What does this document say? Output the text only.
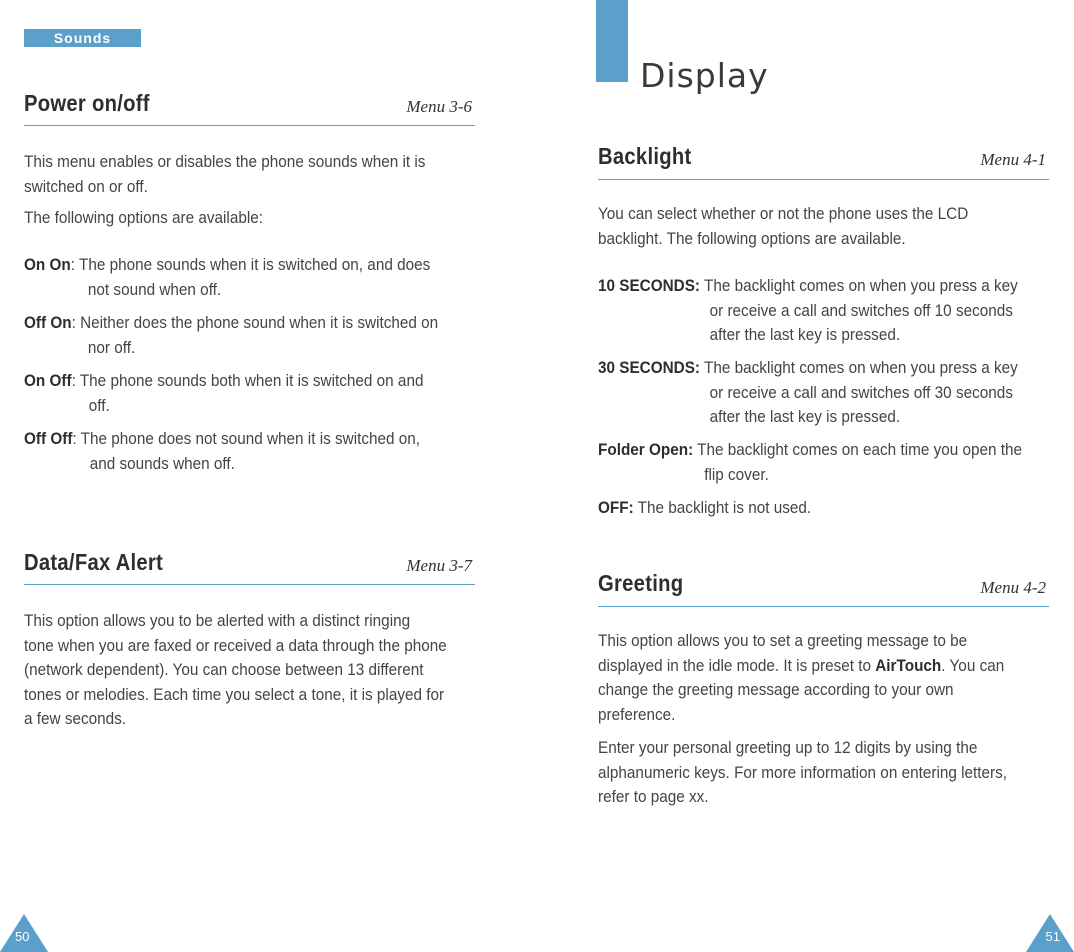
Sounds
Power on/off	Menu 3-6
This menu enables or disables the phone sounds when it is
switched on or off.
The following options are available:
On On: The phone sounds when it is switched on, and does
not sound when off.
Off On: Neither does the phone sound when it is switched on
nor off.
On Off: The phone sounds both when it is switched on and
off.
Off Off: The phone does not sound when it is switched on,
and sounds when off.
Data/Fax Alert	Menu 3-7
This option allows you to be alerted with a distinct ringing
tone when you are faxed or received a data through the phone
(network dependent). You can choose between 13 different
tones or melodies. Each time you select a tone, it is played for
a few seconds.
50
Display
Backlight	Menu 4-1
You can select whether or not the phone uses the LCD
backlight. The following options are available.
10 SECONDS: The backlight comes on when you press a key
or receive a call and switches off 10 seconds
after the last key is pressed.
30 SECONDS: The backlight comes on when you press a key
or receive a call and switches off 30 seconds
after the last key is pressed.
Folder Open: The backlight comes on each time you open the
flip cover.
OFF: The backlight is not used.
Greeting	Menu 4-2
This option allows you to set a greeting message to be
displayed in the idle mode. It is preset to AirTouch. You can
change the greeting message according to your own
preference.
Enter your personal greeting up to 12 digits by using the
alphanumeric keys. For more information on entering letters,
refer to page xx.
51
